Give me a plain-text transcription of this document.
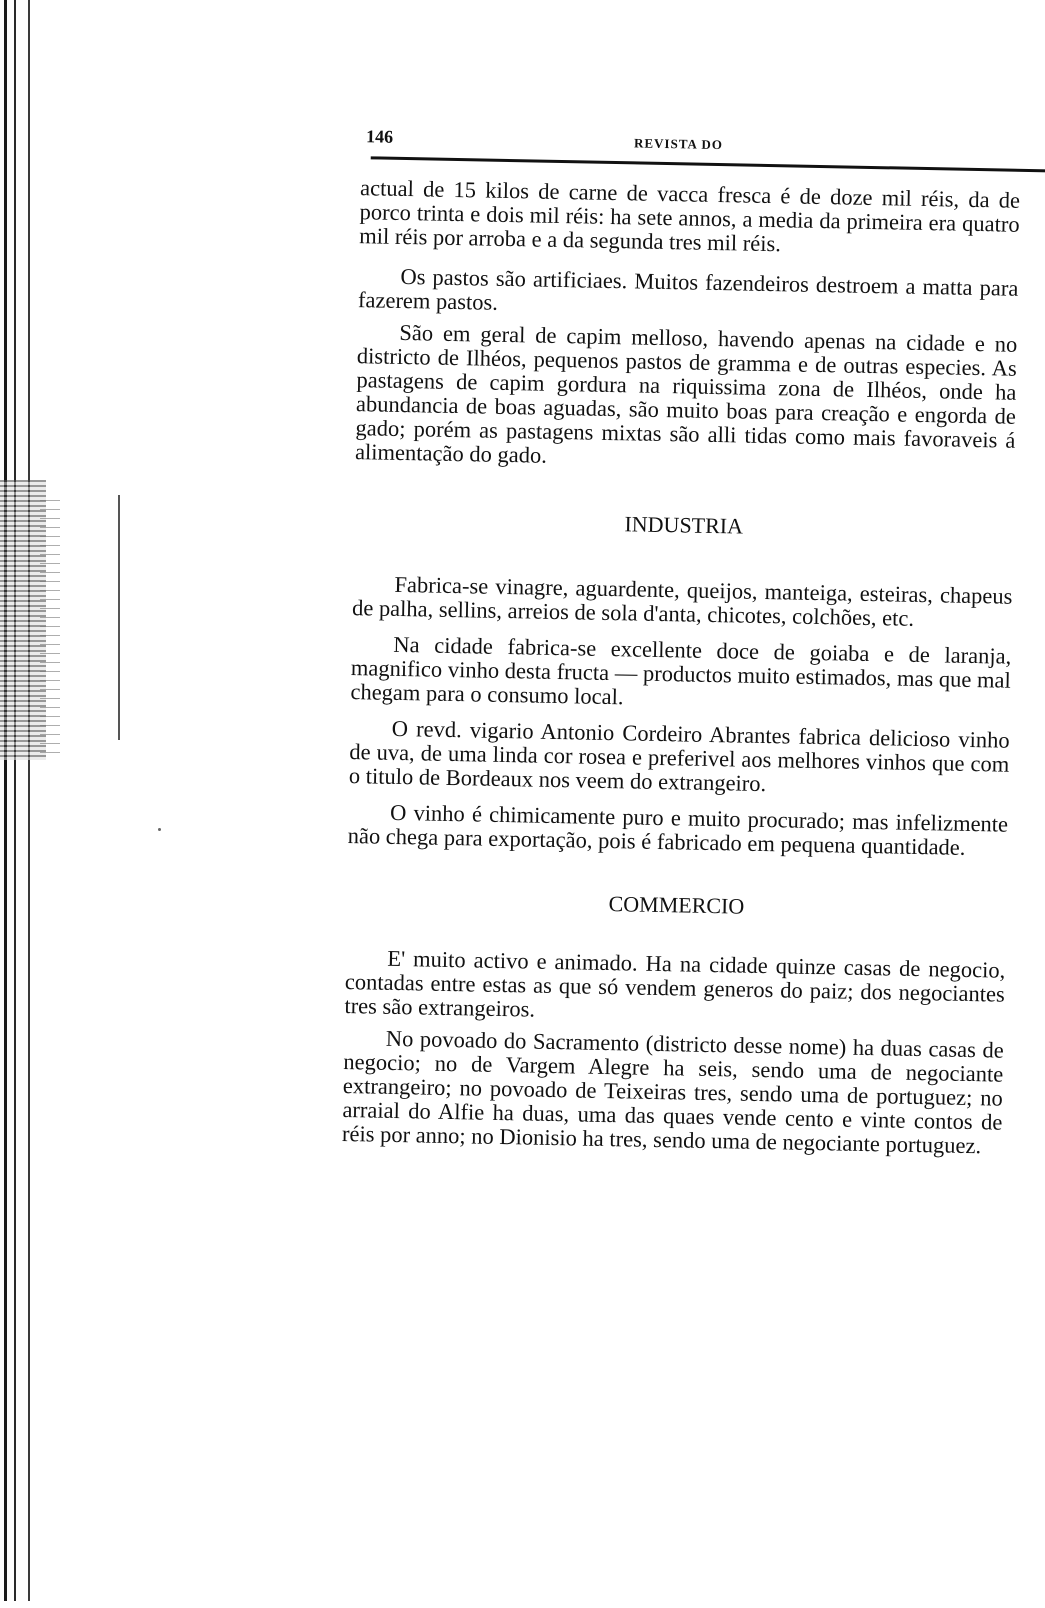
146	REVISTA DO

actual de 15 kilos de carne de vacca fresca é de doze mil réis, da de porco trinta e dois mil réis: ha sete annos, a media da primeira era quatro mil réis por arroba e a da segunda tres mil réis.

Os pastos são artificiaes. Muitos fazendeiros destroem a matta para fazerem pastos.

São em geral de capim melloso, havendo apenas na cidade e no districto de Ilhéos, pequenos pastos de gramma e de outras especies. As pastagens de capim gordura na riquissima zona de Ilhéos, onde ha abundancia de boas aguadas, são muito boas para creação e engorda de gado; porém as pastagens mixtas são alli tidas como mais favoraveis á alimentação do gado.

INDUSTRIA

Fabrica-se vinagre, aguardente, queijos, manteiga, esteiras, chapeus de palha, sellins, arreios de sola d'anta, chicotes, colchões, etc.

Na cidade fabrica-se excellente doce de goiaba e de laranja, magnifico vinho desta fructa — productos muito estimados, mas que mal chegam para o consumo local.

O revd. vigario Antonio Cordeiro Abrantes fabrica delicioso vinho de uva, de uma linda cor rosea e preferivel aos melhores vinhos que com o titulo de Bordeaux nos veem do extrangeiro.

O vinho é chimicamente puro e muito procurado; mas infelizmente não chega para exportação, pois é fabricado em pequena quantidade.

COMMERCIO

E' muito activo e animado. Ha na cidade quinze casas de negocio, contadas entre estas as que só vendem generos do paiz; dos negociantes tres são extrangeiros.

No povoado do Sacramento (districto desse nome) ha duas casas de negocio; no de Vargem Alegre ha seis, sendo uma de negociante extrangeiro; no povoado de Teixeiras tres, sendo uma de portuguez; no arraial do Alfie ha duas, uma das quaes vende cento e vinte contos de réis por anno; no Dionisio ha tres, sendo uma de negociante portuguez.
